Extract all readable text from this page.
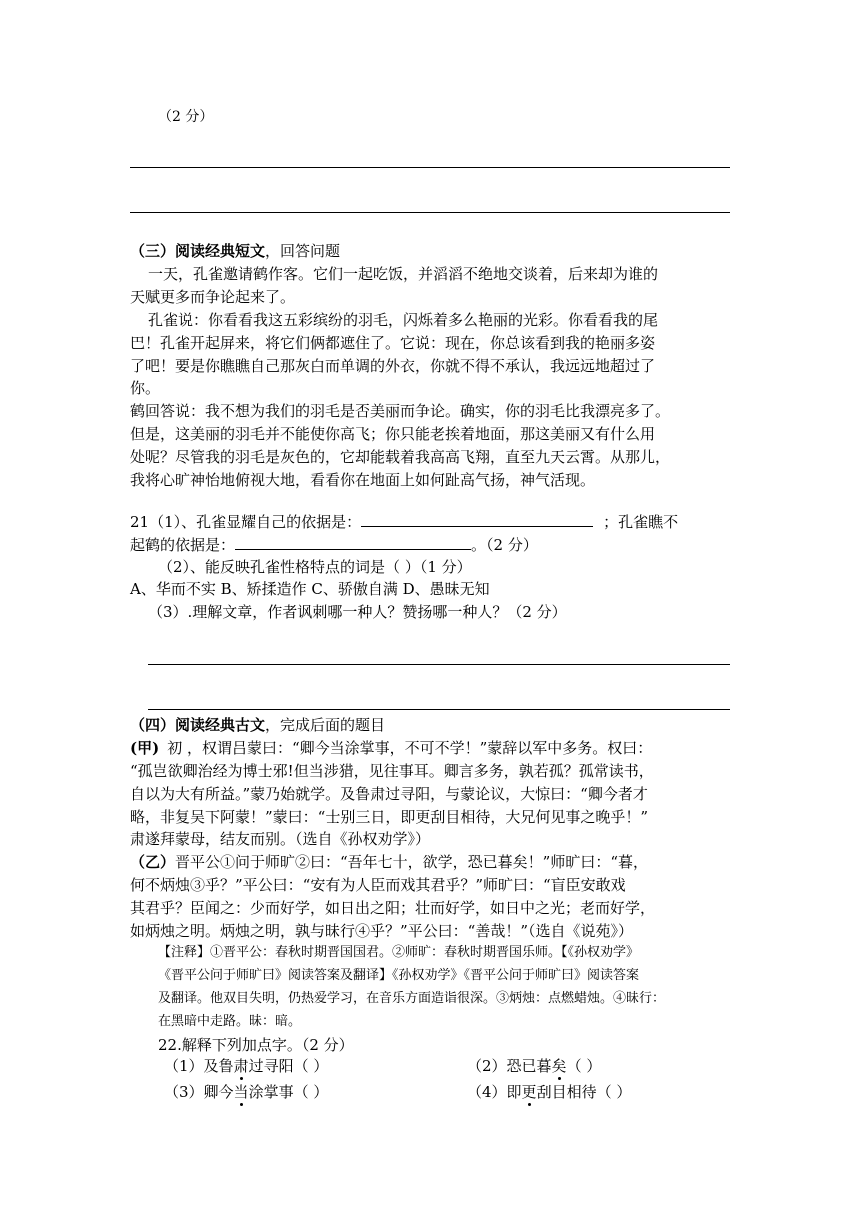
（2 分）
（三）阅读经典短文，回答问题
一天，孔雀邀请鹤作客。它们一起吃饭，并滔滔不绝地交谈着，后来却为谁的
天赋更多而争论起来了。
孔雀说：你看看我这五彩缤纷的羽毛，闪烁着多么艳丽的光彩。你看看我的尾
巴！孔雀开起屏来，将它们俩都遮住了。它说：现在，你总该看到我的艳丽多姿
了吧！要是你瞧瞧自己那灰白而单调的外衣，你就不得不承认，我远远地超过了
你。
鹤回答说：我不想为我们的羽毛是否美丽而争论。确实，你的羽毛比我漂亮多了。
但是，这美丽的羽毛并不能使你高飞；你只能老挨着地面，那这美丽又有什么用
处呢？尽管我的羽毛是灰色的，它却能载着我高高飞翔，直至九天云霄。从那儿，
我将心旷神怡地俯视大地，看看你在地面上如何趾高气扬，神气活现。
21（1）、孔雀显耀自己的依据是：	；孔雀瞧不
起鹤的依据是：	。（2 分）
（2）、能反映孔雀性格特点的词是（ ）（1 分）
A、华而不实 B、矫揉造作 C、骄傲自满 D、愚昧无知
（3）.理解文章，作者讽刺哪一种人？赞扬哪一种人？（2 分）
（四）阅读经典古文，完成后面的题目
(甲) 初 ，权谓吕蒙曰：“卿今当涂掌事，不可不学！”蒙辞以军中多务。权曰：
“孤岂欲卿治经为博士邪!但当涉猎，见往事耳。卿言多务，孰若孤？孤常读书，
自以为大有所益。”蒙乃始就学。及鲁肃过寻阳，与蒙论议，大惊曰：“卿今者才
略，非复吴下阿蒙！”蒙曰：“士别三日，即更刮目相待，大兄何见事之晚乎！”
肃遂拜蒙母，结友而别。（选自《孙权劝学》）
（乙）晋平公①问于师旷②曰：“吾年七十，欲学，恐已暮矣！”师旷曰：“暮，
何不炳烛③乎？”平公曰：“安有为人臣而戏其君乎？”师旷曰：“盲臣安敢戏
其君乎？臣闻之：少而好学，如日出之阳；壮而好学，如日中之光；老而好学，
如炳烛之明。炳烛之明，孰与昧行④乎？”平公曰：“善哉！”（选自《说苑》）
【注释】①晋平公：春秋时期晋国国君。②师旷：春秋时期晋国乐师。【《孙权劝学》
《晋平公问于师旷曰》阅读答案及翻译】《孙权劝学》《晋平公问于师旷曰》阅读答案
及翻译。他双目失明，仍热爱学习，在音乐方面造诣很深。③炳烛：点燃蜡烛。④昧行：
在黑暗中走路。昧：暗。
22.解释下列加点字。（2 分）
（1）及鲁肃过寻阳（ ）	（2）恐已暮矣（ ）
（3）卿今当涂掌事（ ）	（4）即更刮目相待（ ）
